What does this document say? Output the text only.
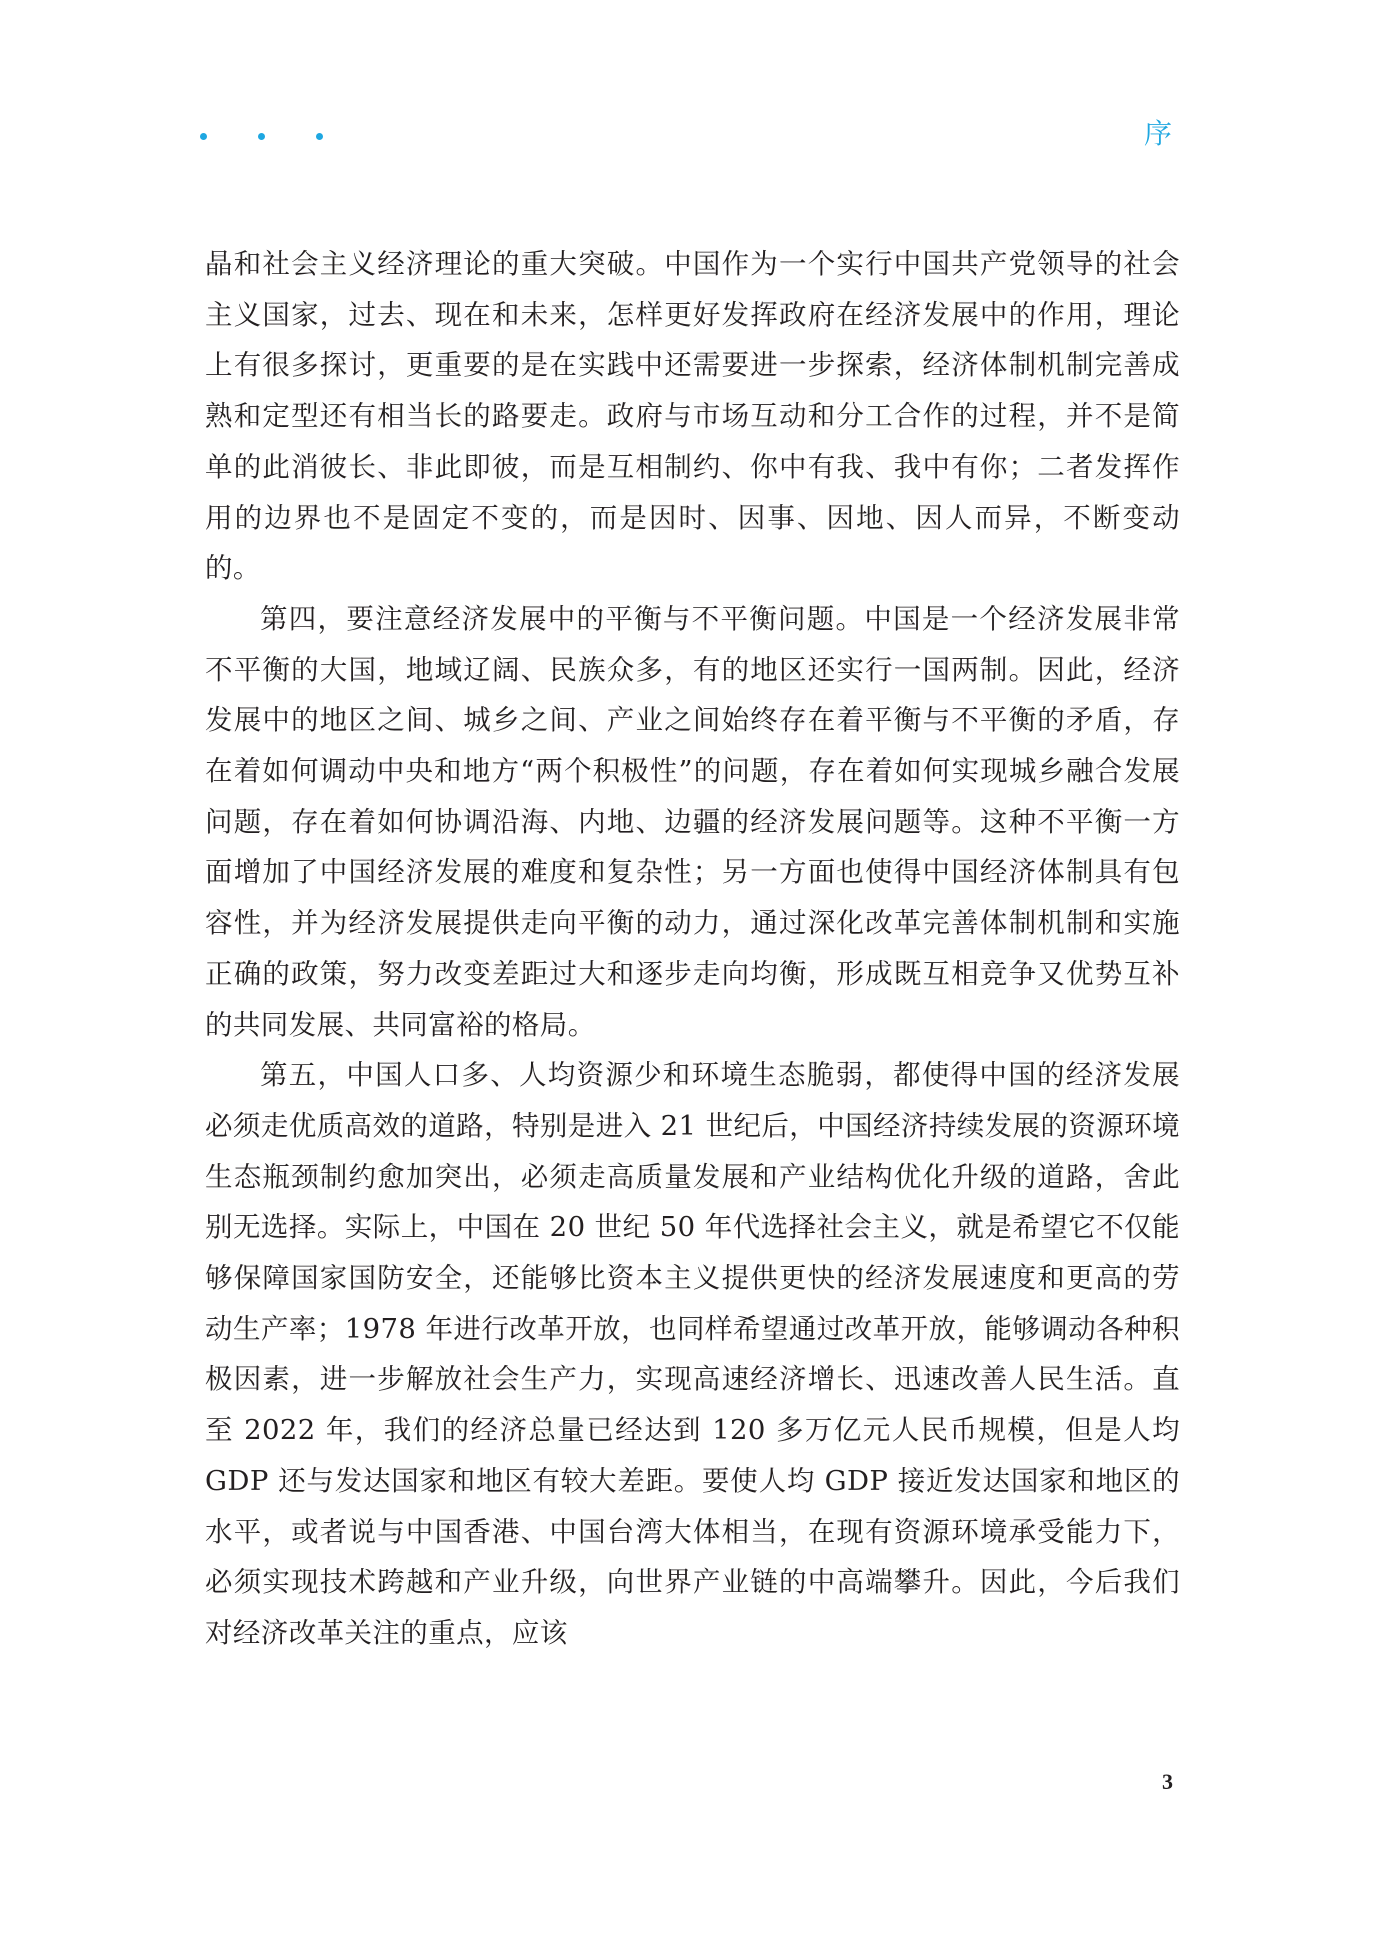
序

晶和社会主义经济理论的重大突破。中国作为一个实行中国共产党领导的社会主义国家，过去、现在和未来，怎样更好发挥政府在经济发展中的作用，理论上有很多探讨，更重要的是在实践中还需要进一步探索，经济体制机制完善成熟和定型还有相当长的路要走。政府与市场互动和分工合作的过程，并不是简单的此消彼长、非此即彼，而是互相制约、你中有我、我中有你；二者发挥作用的边界也不是固定不变的，而是因时、因事、因地、因人而异，不断变动的。

第四，要注意经济发展中的平衡与不平衡问题。中国是一个经济发展非常不平衡的大国，地域辽阔、民族众多，有的地区还实行一国两制。因此，经济发展中的地区之间、城乡之间、产业之间始终存在着平衡与不平衡的矛盾，存在着如何调动中央和地方“两个积极性”的问题，存在着如何实现城乡融合发展问题，存在着如何协调沿海、内地、边疆的经济发展问题等。这种不平衡一方面增加了中国经济发展的难度和复杂性；另一方面也使得中国经济体制具有包容性，并为经济发展提供走向平衡的动力，通过深化改革完善体制机制和实施正确的政策，努力改变差距过大和逐步走向均衡，形成既互相竞争又优势互补的共同发展、共同富裕的格局。

第五，中国人口多、人均资源少和环境生态脆弱，都使得中国的经济发展必须走优质高效的道路，特别是进入 21 世纪后，中国经济持续发展的资源环境生态瓶颈制约愈加突出，必须走高质量发展和产业结构优化升级的道路，舍此别无选择。实际上，中国在 20 世纪 50 年代选择社会主义，就是希望它不仅能够保障国家国防安全，还能够比资本主义提供更快的经济发展速度和更高的劳动生产率；1978 年进行改革开放，也同样希望通过改革开放，能够调动各种积极因素，进一步解放社会生产力，实现高速经济增长、迅速改善人民生活。直至 2022 年，我们的经济总量已经达到 120 多万亿元人民币规模，但是人均 GDP 还与发达国家和地区有较大差距。要使人均 GDP 接近发达国家和地区的水平，或者说与中国香港、中国台湾大体相当，在现有资源环境承受能力下，必须实现技术跨越和产业升级，向世界产业链的中高端攀升。因此，今后我们对经济改革关注的重点，应该

3
